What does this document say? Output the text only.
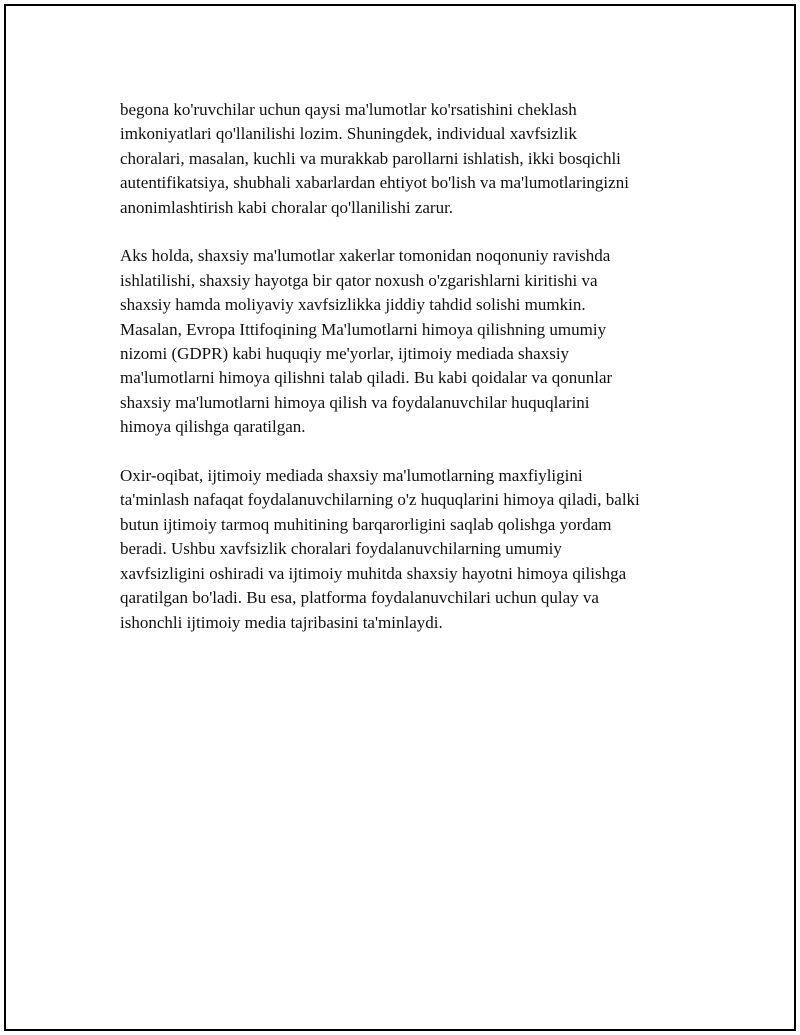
begona ko'ruvchilar uchun qaysi ma'lumotlar ko'rsatishini cheklash
imkoniyatlari qo'llanilishi lozim. Shuningdek, individual xavfsizlik
choralari, masalan, kuchli va murakkab parollarni ishlatish, ikki bosqichli
autentifikatsiya, shubhali xabarlardan ehtiyot bo'lish va ma'lumotlaringizni
anonimlashtirish kabi choralar qo'llanilishi zarur.

Aks holda, shaxsiy ma'lumotlar xakerlar tomonidan noqonuniy ravishda
ishlatilishi, shaxsiy hayotga bir qator noxush o'zgarishlarni kiritishi va
shaxsiy hamda moliyaviy xavfsizlikka jiddiy tahdid solishi mumkin.
Masalan, Evropa Ittifoqining Ma'lumotlarni himoya qilishning umumiy
nizomi (GDPR) kabi huquqiy me'yorlar, ijtimoiy mediada shaxsiy
ma'lumotlarni himoya qilishni talab qiladi. Bu kabi qoidalar va qonunlar
shaxsiy ma'lumotlarni himoya qilish va foydalanuvchilar huquqlarini
himoya qilishga qaratilgan.

Oxir-oqibat, ijtimoiy mediada shaxsiy ma'lumotlarning maxfiyligini
ta'minlash nafaqat foydalanuvchilarning o'z huquqlarini himoya qiladi, balki
butun ijtimoiy tarmoq muhitining barqarorligini saqlab qolishga yordam
beradi. Ushbu xavfsizlik choralari foydalanuvchilarning umumiy
xavfsizligini oshiradi va ijtimoiy muhitda shaxsiy hayotni himoya qilishga
qaratilgan bo'ladi. Bu esa, platforma foydalanuvchilari uchun qulay va
ishonchli ijtimoiy media tajribasini ta'minlaydi.
